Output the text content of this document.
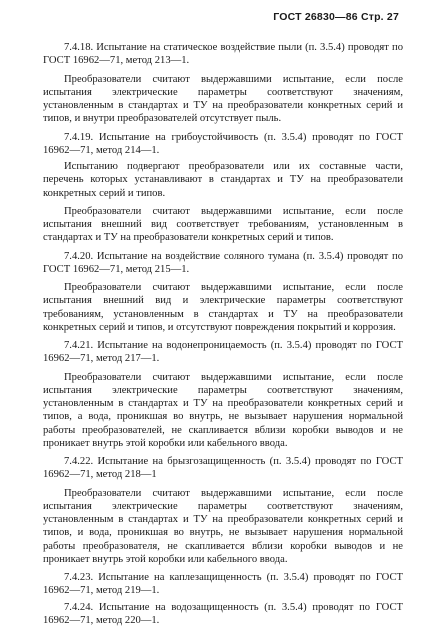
ГОСТ 26830—86 Стр. 27

7.4.18. Испытание на статическое воздействие пыли (п. 3.5.4) проводят по ГОСТ 16962—71, метод 213—1.

Преобразователи считают выдержавшими испытание, если после испытания электрические параметры соответствуют значениям, установленным в стандартах и ТУ на преобразователи конкретных серий и типов, и внутри преобразователей отсутствует пыль.

7.4.19. Испытание на грибоустойчивость (п. 3.5.4) проводят по ГОСТ 16962—71, метод 214—1.

Испытанию подвергают преобразователи или их составные части, перечень которых устанавливают в стандартах и ТУ на преобразователи конкретных серий и типов.

Преобразователи считают выдержавшими испытание, если после испытания внешний вид соответствует требованиям, установленным в стандартах и ТУ на преобразователи конкретных серий и типов.

7.4.20. Испытание на воздействие соляного тумана (п. 3.5.4) проводят по ГОСТ 16962—71, метод 215—1.

Преобразователи считают выдержавшими испытание, если после испытания внешний вид и электрические параметры соответствуют требованиям, установленным в стандартах и ТУ на преобразователи конкретных серий и типов, и отсутствуют повреждения покрытий и коррозия.

7.4.21. Испытание на водонепроницаемость (п. 3.5.4) проводят по ГОСТ 16962—71, метод 217—1.

Преобразователи считают выдержавшими испытание, если после испытания электрические параметры соответствуют значениям, установленным в стандартах и ТУ на преобразователи конкретных серий и типов, а вода, проникшая во внутрь, не вызывает нарушения нормальной работы преобразователей, не скапливается вблизи коробки выводов и не проникает внутрь этой коробки или кабельного ввода.

7.4.22. Испытание на брызгозащищенность (п. 3.5.4) проводят по ГОСТ 16962—71, метод 218—1

Преобразователи считают выдержавшими испытание, если после испытания электрические параметры соответствуют значениям, установленным в стандартах и ТУ на преобразователи конкретных серий и типов, и вода, проникшая во внутрь, не вызывает нарушения нормальной работы преобразователя, не скапливается вблизи коробки выводов и не проникает внутрь этой коробки или кабельного ввода.

7.4.23. Испытание на каплезащищенность (п. 3.5.4) проводят по ГОСТ 16962—71, метод 219—1.

7.4.24. Испытание на водозащищенность (п. 3.5.4) проводят по ГОСТ 16962—71, метод 220—1.
